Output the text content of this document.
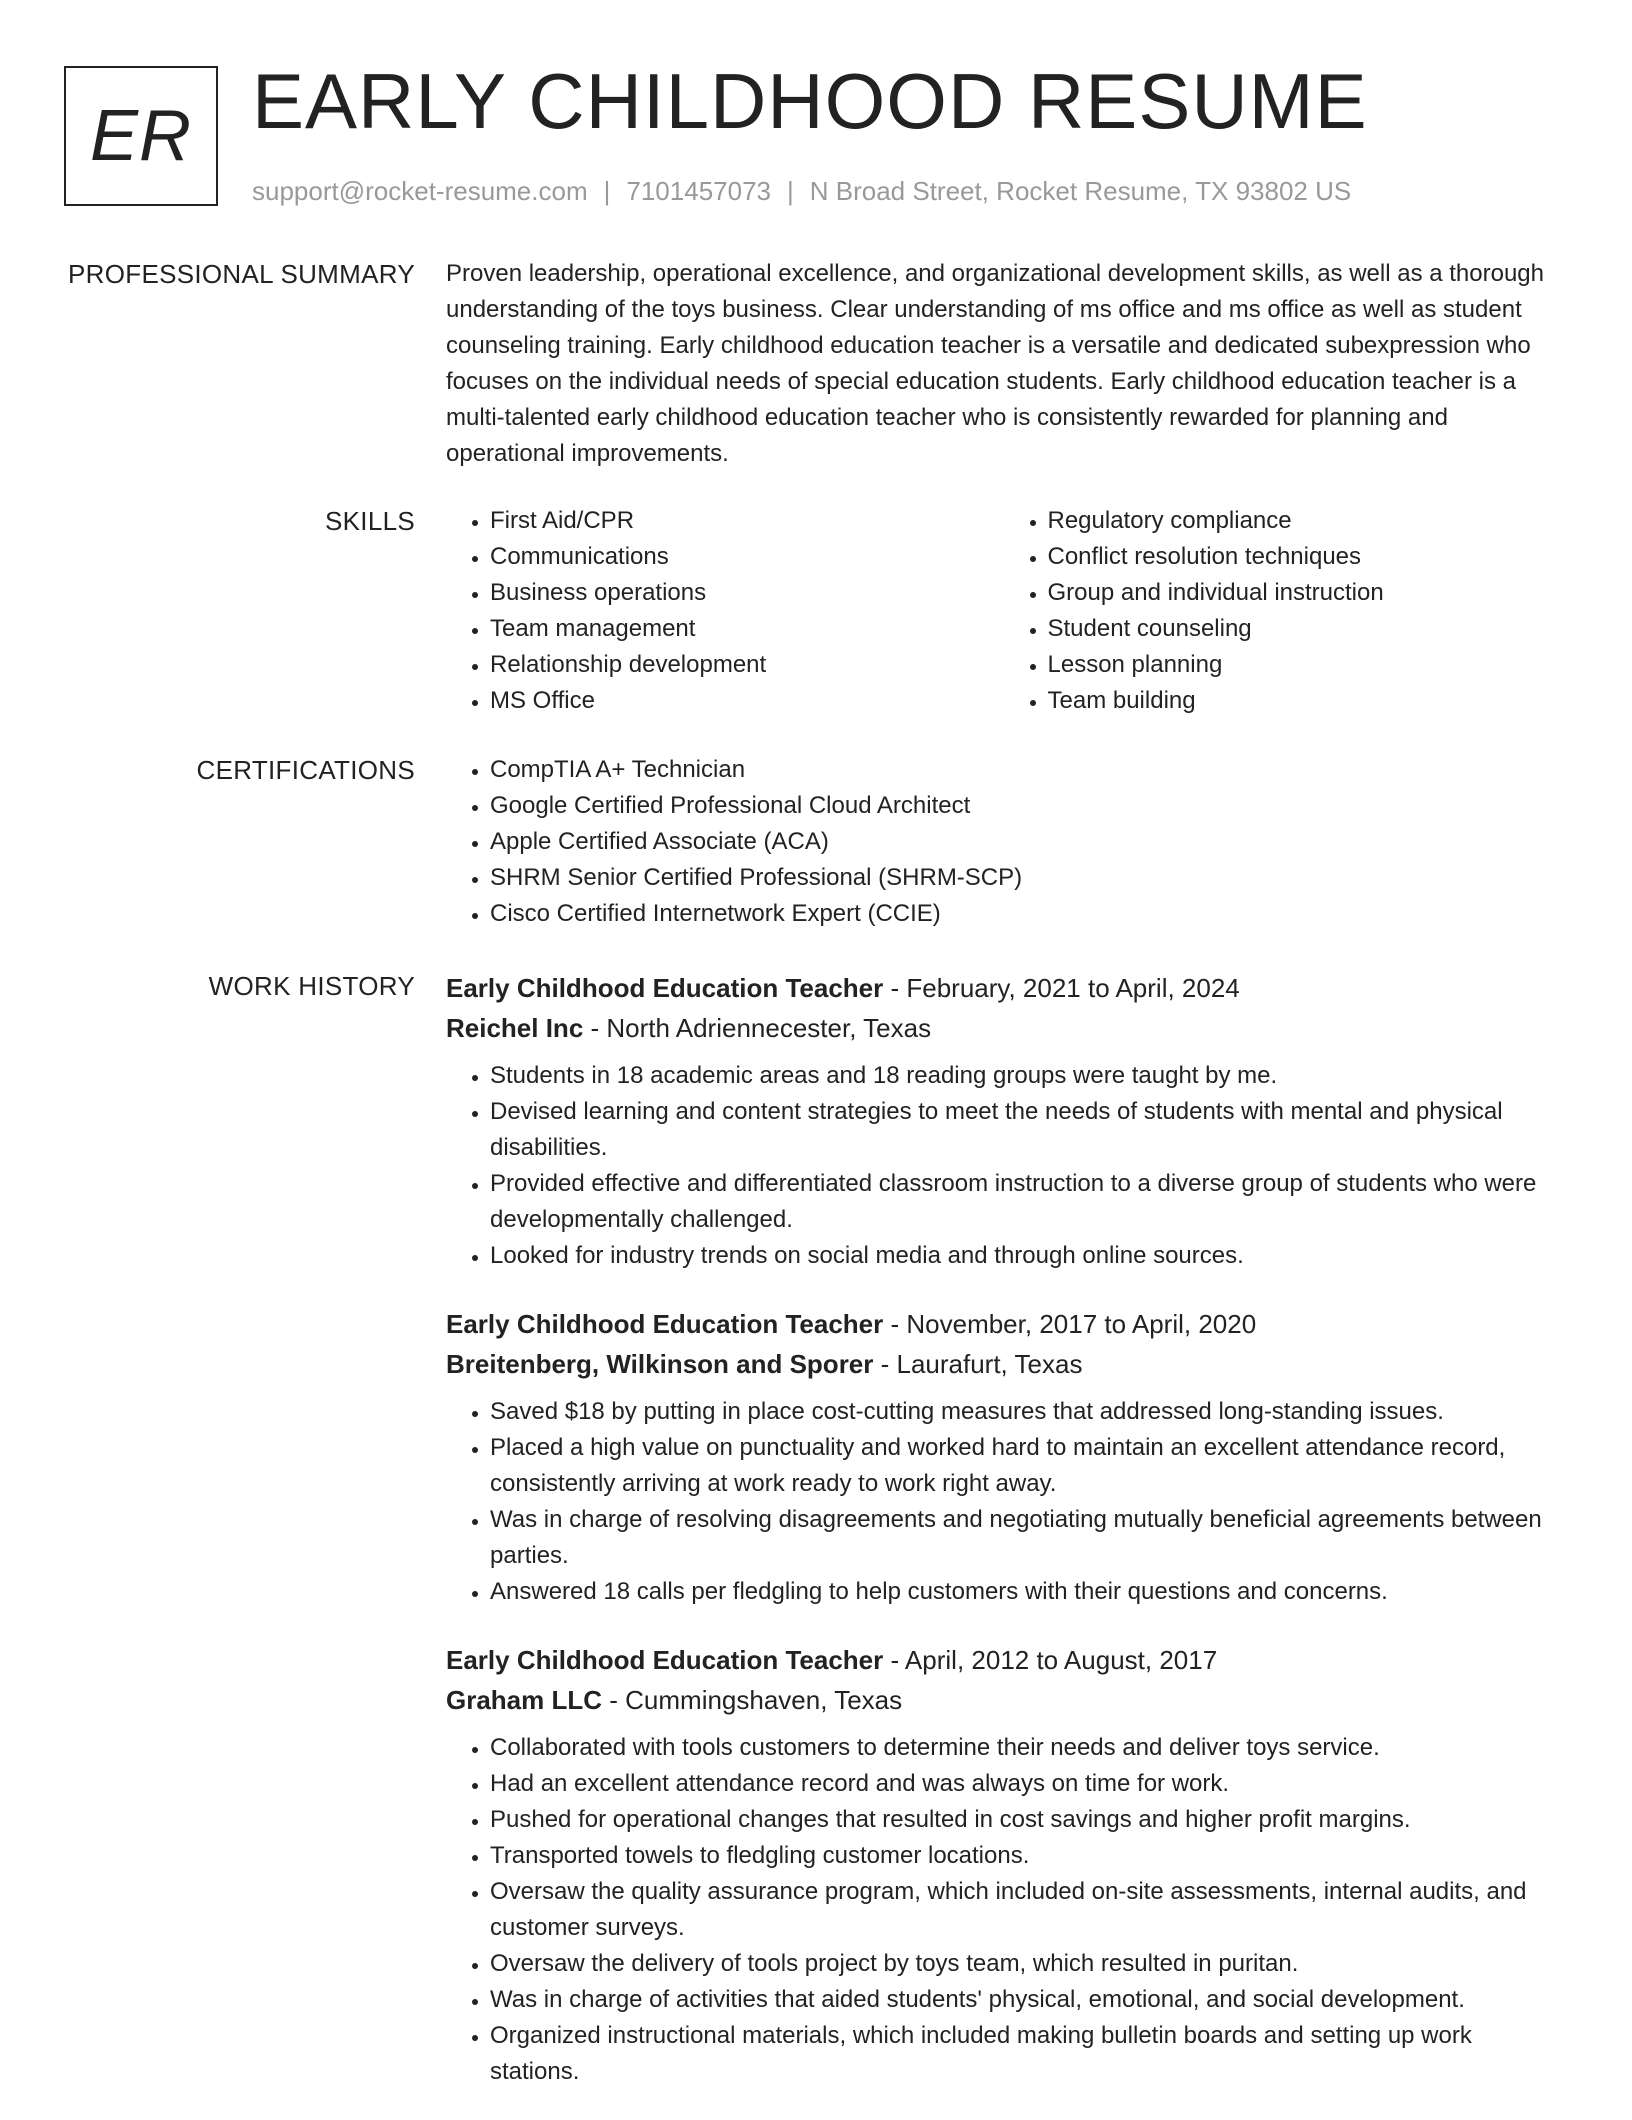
ER EARLY CHILDHOOD RESUME
support@rocket-resume.com | 7101457073 | N Broad Street, Rocket Resume, TX 93802 US
PROFESSIONAL SUMMARY Proven leadership, operational excellence, and organizational development skills, as well as a thorough understanding of the toys business. Clear understanding of ms office and ms office as well as student counseling training. Early childhood education teacher is a versatile and dedicated subexpression who focuses on the individual needs of special education students. Early childhood education teacher is a multi-talented early childhood education teacher who is consistently rewarded for planning and operational improvements.

SKILLS	• First Aid/CPR
• Communications
• Business operations
• Team management
• Relationship development
• MS Office
• Regulatory compliance
• Conflict resolution techniques
• Group and individual instruction
• Student counseling
• Lesson planning
• Team building
CERTIFICATIONS	• CompTIA A+ Technician
• Google Certified Professional Cloud Architect
• Apple Certified Associate (ACA)
• SHRM Senior Certified Professional (SHRM-SCP)
• Cisco Certified Internetwork Expert (CCIE)
WORK HISTORY Early Childhood Education Teacher - February, 2021 to April, 2024
Reichel Inc - North Adriennecester, Texas
• Students in 18 academic areas and 18 reading groups were taught by me.
• Devised learning and content strategies to meet the needs of students with mental and physical disabilities.
• Provided effective and differentiated classroom instruction to a diverse group of students who were developmentally challenged.
• Looked for industry trends on social media and through online sources.
Early Childhood Education Teacher - November, 2017 to April, 2020
Breitenberg, Wilkinson and Sporer - Laurafurt, Texas
• Saved $18 by putting in place cost-cutting measures that addressed long-standing issues.
• Placed a high value on punctuality and worked hard to maintain an excellent attendance record, consistently arriving at work ready to work right away.
• Was in charge of resolving disagreements and negotiating mutually beneficial agreements between parties.
• Answered 18 calls per fledgling to help customers with their questions and concerns.
Early Childhood Education Teacher - April, 2012 to August, 2017
Graham LLC - Cummingshaven, Texas
• Collaborated with tools customers to determine their needs and deliver toys service.
• Had an excellent attendance record and was always on time for work.
• Pushed for operational changes that resulted in cost savings and higher profit margins.
• Transported towels to fledgling customer locations.
• Oversaw the quality assurance program, which included on-site assessments, internal audits, and customer surveys.
• Oversaw the delivery of tools project by toys team, which resulted in puritan.
• Was in charge of activities that aided students' physical, emotional, and social development.
• Organized instructional materials, which included making bulletin boards and setting up work stations.
